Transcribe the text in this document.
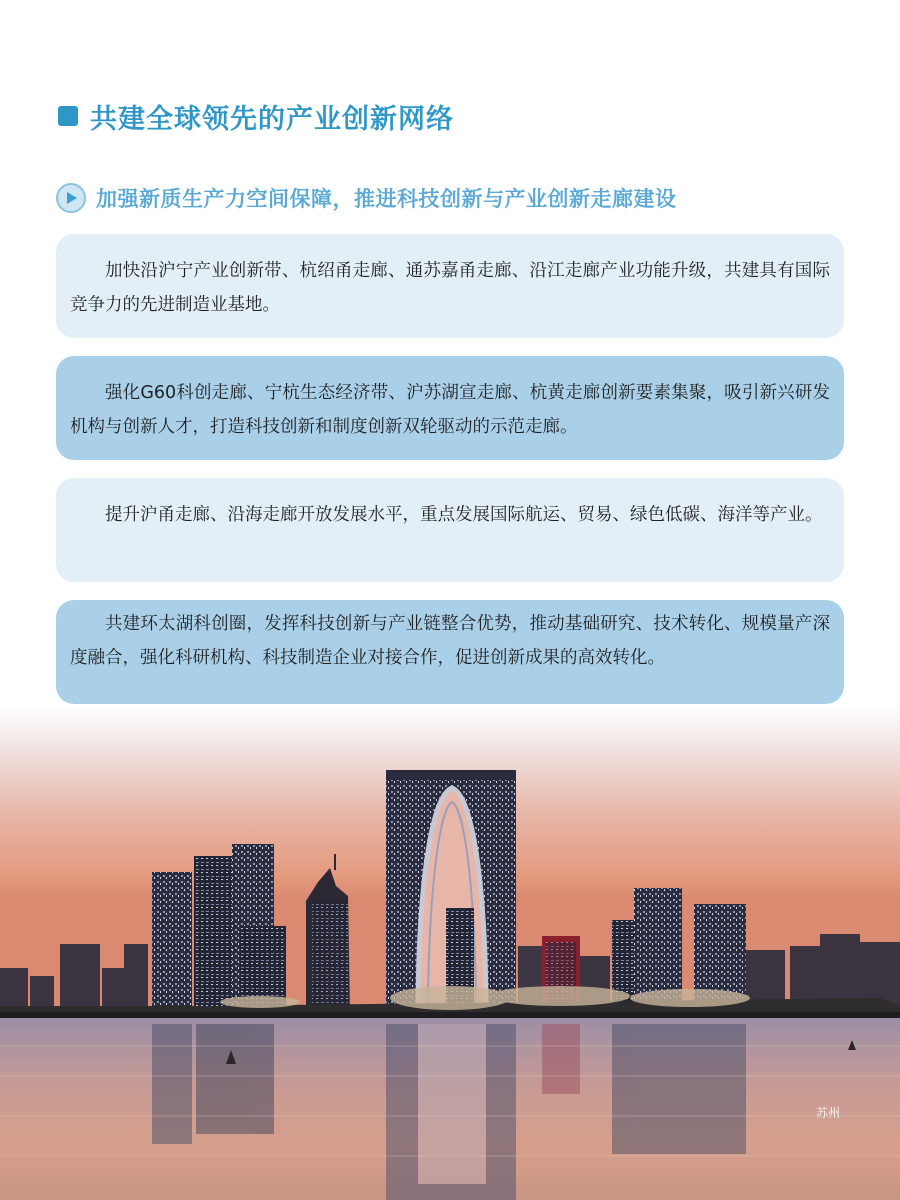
共建全球领先的产业创新网络
加强新质生产力空间保障，推进科技创新与产业创新走廊建设
加快沿沪宁产业创新带、杭绍甬走廊、通苏嘉甬走廊、沿江走廊产业功能升级，共建具有国际竞争力的先进制造业基地。
强化G60科创走廊、宁杭生态经济带、沪苏湖宣走廊、杭黄走廊创新要素集聚，吸引新兴研发机构与创新人才，打造科技创新和制度创新双轮驱动的示范走廊。
提升沪甬走廊、沿海走廊开放发展水平，重点发展国际航运、贸易、绿色低碳、海洋等产业。
共建环太湖科创圈，发挥科技创新与产业链整合优势，推动基础研究、技术转化、规模量产深度融合，强化科研机构、科技制造企业对接合作，促进创新成果的高效转化。
苏州
